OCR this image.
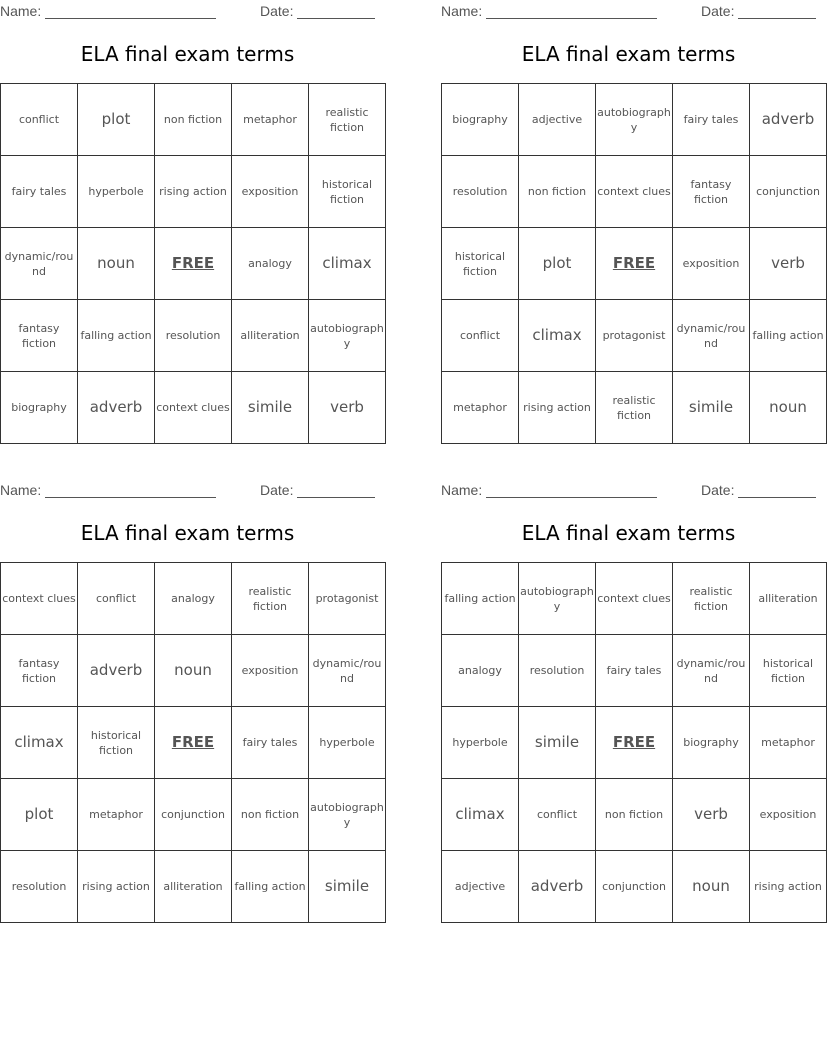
Name:	Date:
ELA final exam terms
conflict	plot	non fiction	metaphor	realistic fiction
fairy tales	hyperbole	rising action	exposition	historical fiction
dynamic/round	noun	FREE	analogy	climax
fantasy fiction	falling action	resolution	alliteration	autobiography
biography	adverb	context clues	simile	verb
Name:	Date:
ELA final exam terms
biography	adjective	autobiography	fairy tales	adverb
resolution	non fiction	context clues	fantasy fiction	conjunction
historical fiction	plot	FREE	exposition	verb
conflict	climax	protagonist	dynamic/round	falling action
metaphor	rising action	realistic fiction	simile	noun
Name:	Date:
ELA final exam terms
context clues	conflict	analogy	realistic fiction	protagonist
fantasy fiction	adverb	noun	exposition	dynamic/round
climax	historical fiction	FREE	fairy tales	hyperbole
plot	metaphor	conjunction	non fiction	autobiography
resolution	rising action	alliteration	falling action	simile
Name:	Date:
ELA final exam terms
falling action	autobiography	context clues	realistic fiction	alliteration
analogy	resolution	fairy tales	dynamic/round	historical fiction
hyperbole	simile	FREE	biography	metaphor
climax	conflict	non fiction	verb	exposition
adjective	adverb	conjunction	noun	rising action
